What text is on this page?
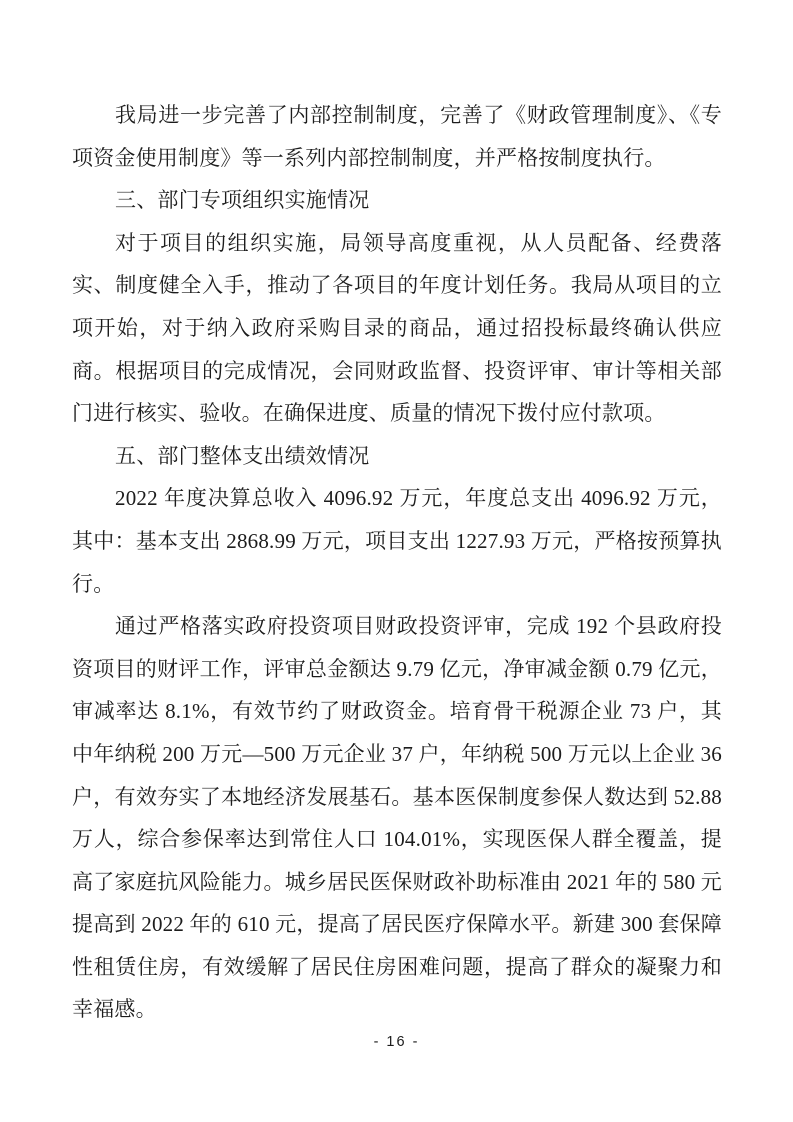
我局进一步完善了内部控制制度，完善了《财政管理制度》、《专项资金使用制度》等一系列内部控制制度，并严格按制度执行。

三、部门专项组织实施情况

对于项目的组织实施，局领导高度重视，从人员配备、经费落实、制度健全入手，推动了各项目的年度计划任务。我局从项目的立项开始，对于纳入政府采购目录的商品，通过招投标最终确认供应商。根据项目的完成情况，会同财政监督、投资评审、审计等相关部门进行核实、验收。在确保进度、质量的情况下拨付应付款项。

五、部门整体支出绩效情况

2022 年度决算总收入 4096.92 万元，年度总支出 4096.92 万元，其中：基本支出 2868.99 万元，项目支出 1227.93 万元，严格按预算执行。

通过严格落实政府投资项目财政投资评审，完成 192 个县政府投资项目的财评工作，评审总金额达 9.79 亿元，净审减金额 0.79 亿元，审减率达 8.1%，有效节约了财政资金。培育骨干税源企业 73 户，其中年纳税 200 万元—500 万元企业 37 户，年纳税 500 万元以上企业 36 户，有效夯实了本地经济发展基石。基本医保制度参保人数达到 52.88 万人，综合参保率达到常住人口 104.01%，实现医保人群全覆盖，提高了家庭抗风险能力。城乡居民医保财政补助标准由 2021 年的 580 元提高到 2022 年的 610 元，提高了居民医疗保障水平。新建 300 套保障性租赁住房，有效缓解了居民住房困难问题，提高了群众的凝聚力和幸福感。

- 16 -
